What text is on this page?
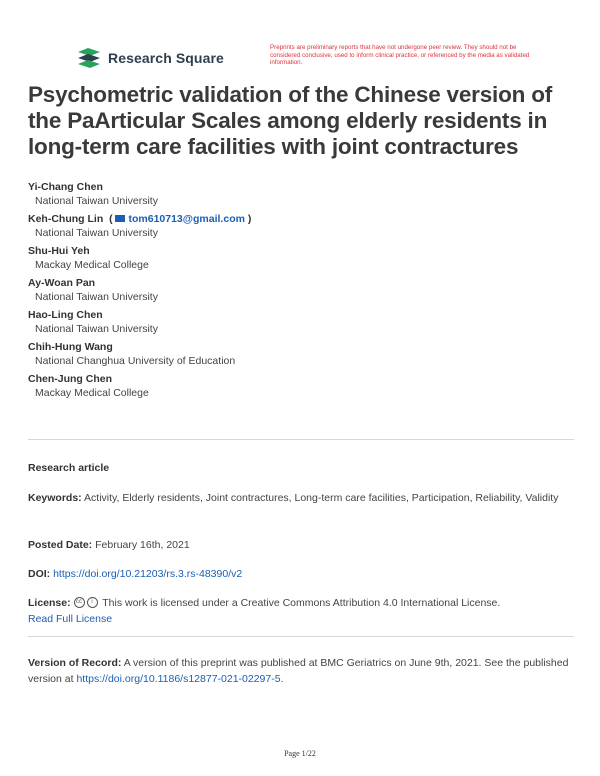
Research Square
Preprints are preliminary reports that have not undergone peer review. They should not be considered conclusive, used to inform clinical practice, or referenced by the media as validated information.
Psychometric validation of the Chinese version of the PaArticular Scales among elderly residents in long-term care facilities with joint contractures
Yi-Chang Chen
National Taiwan University
Keh-Chung Lin  ( tom610713@gmail.com )
National Taiwan University
Shu-Hui Yeh
Mackay Medical College
Ay-Woan Pan
National Taiwan University
Hao-Ling Chen
National Taiwan University
Chih-Hung Wang
National Changhua University of Education
Chen-Jung Chen
Mackay Medical College
Research article
Keywords: Activity, Elderly residents, Joint contractures, Long-term care facilities, Participation, Reliability, Validity
Posted Date: February 16th, 2021
DOI: https://doi.org/10.21203/rs.3.rs-48390/v2
License: cc i This work is licensed under a Creative Commons Attribution 4.0 International License.
Read Full License
Version of Record: A version of this preprint was published at BMC Geriatrics on June 9th, 2021. See the published version at https://doi.org/10.1186/s12877-021-02297-5.
Page 1/22
